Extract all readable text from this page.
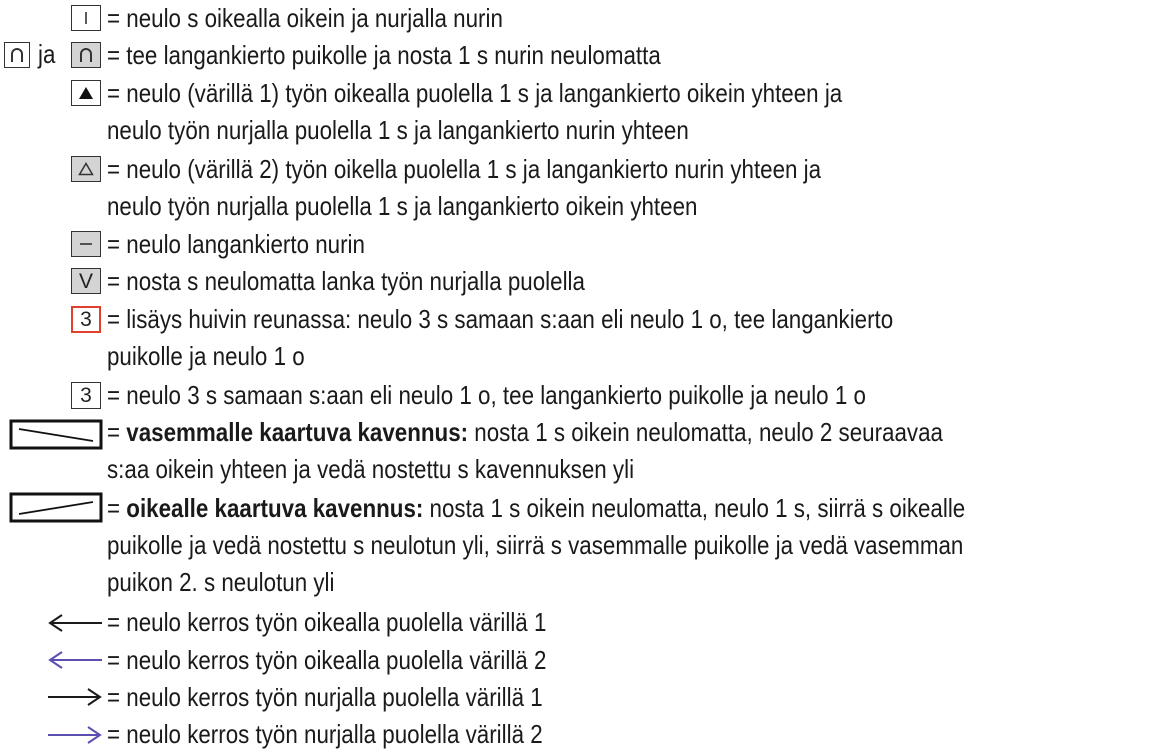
= neulo s oikealla oikein ja nurjalla nurin
ja = tee langankierto puikolle ja nosta 1 s nurin neulomatta
= neulo (värillä 1) työn oikealla puolella 1 s ja langankierto oikein yhteen ja
neulo työn nurjalla puolella 1 s ja langankierto nurin yhteen
= neulo (värillä 2) työn oikella puolella 1 s ja langankierto nurin yhteen ja
neulo työn nurjalla puolella 1 s ja langankierto oikein yhteen
= neulo langankierto nurin
V = nosta s neulomatta lanka työn nurjalla puolella
3 = lisäys huivin reunassa: neulo 3 s samaan s:aan eli neulo 1 o, tee langankierto
puikolle ja neulo 1 o
3 = neulo 3 s samaan s:aan eli neulo 1 o, tee langankierto puikolle ja neulo 1 o
= vasemmalle kaartuva kavennus: nosta 1 s oikein neulomatta, neulo 2 seuraavaa
s:aa oikein yhteen ja vedä nostettu s kavennuksen yli
= oikealle kaartuva kavennus: nosta 1 s oikein neulomatta, neulo 1 s, siirrä s oikealle
puikolle ja vedä nostettu s neulotun yli, siirrä s vasemmalle puikolle ja vedä vasemman
puikon 2. s neulotun yli
= neulo kerros työn oikealla puolella värillä 1
= neulo kerros työn oikealla puolella värillä 2
= neulo kerros työn nurjalla puolella värillä 1
= neulo kerros työn nurjalla puolella värillä 2
